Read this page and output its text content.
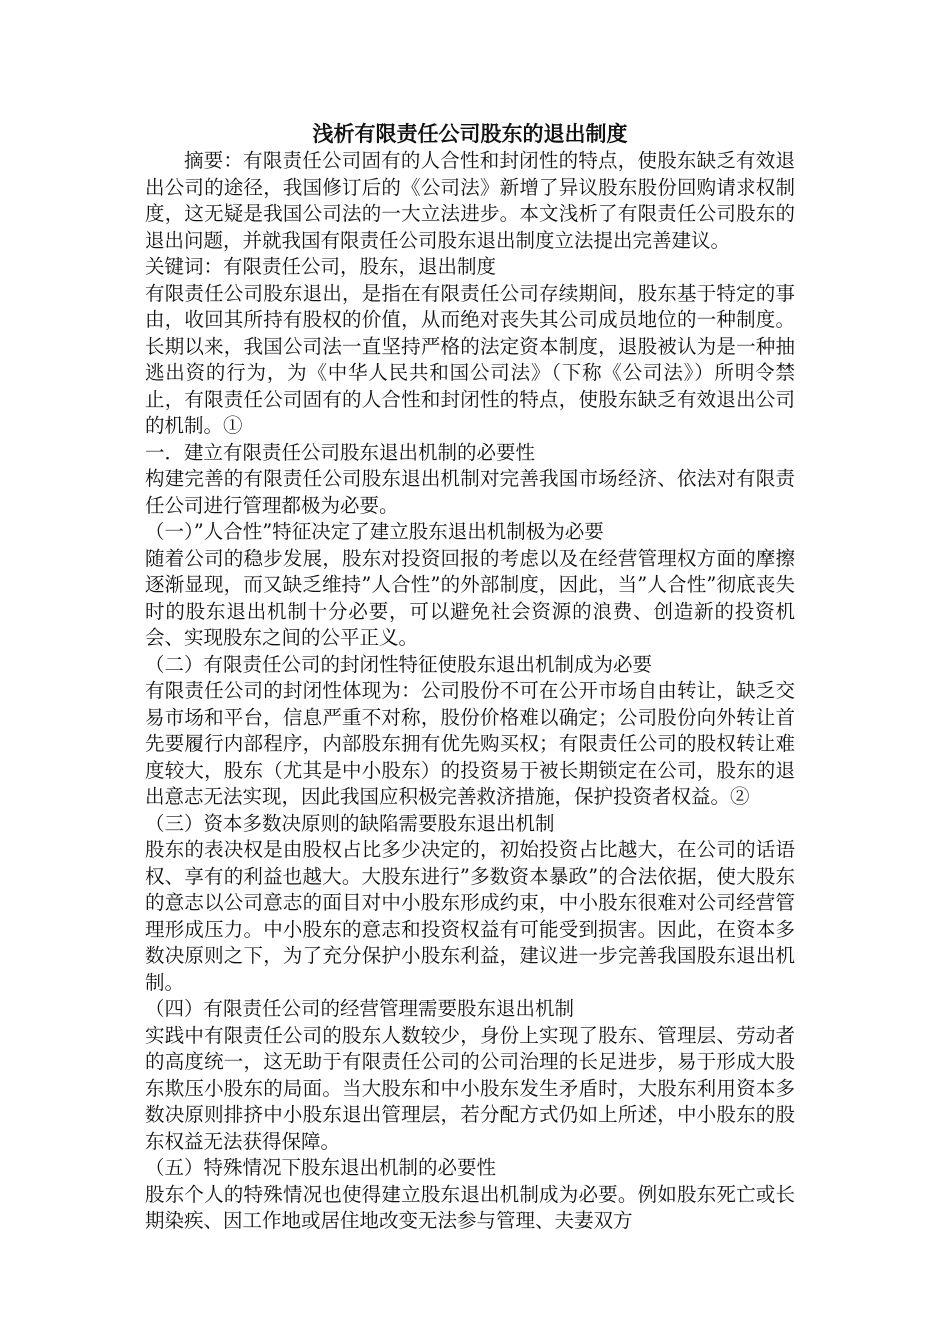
浅析有限责任公司股东的退出制度

摘要：有限责任公司固有的人合性和封闭性的特点，使股东缺乏有效退出公司的途径，我国修订后的《公司法》新增了异议股东股份回购请求权制度，这无疑是我国公司法的一大立法进步。本文浅析了有限责任公司股东的退出问题，并就我国有限责任公司股东退出制度立法提出完善建议。

关键词：有限责任公司，股东，退出制度

有限责任公司股东退出，是指在有限责任公司存续期间，股东基于特定的事由，收回其所持有股权的价值，从而绝对丧失其公司成员地位的一种制度。长期以来，我国公司法一直坚持严格的法定资本制度，退股被认为是一种抽逃出资的行为，为《中华人民共和国公司法》（下称《公司法》）所明令禁止，有限责任公司固有的人合性和封闭性的特点，使股东缺乏有效退出公司的机制。①

一．建立有限责任公司股东退出机制的必要性

构建完善的有限责任公司股东退出机制对完善我国市场经济、依法对有限责任公司进行管理都极为必要。

（一）”人合性”特征决定了建立股东退出机制极为必要

随着公司的稳步发展，股东对投资回报的考虑以及在经营管理权方面的摩擦逐渐显现，而又缺乏维持”人合性”的外部制度，因此，当”人合性”彻底丧失时的股东退出机制十分必要，可以避免社会资源的浪费、创造新的投资机会、实现股东之间的公平正义。

（二）有限责任公司的封闭性特征使股东退出机制成为必要

有限责任公司的封闭性体现为：公司股份不可在公开市场自由转让，缺乏交易市场和平台，信息严重不对称，股份价格难以确定；公司股份向外转让首先要履行内部程序，内部股东拥有优先购买权；有限责任公司的股权转让难度较大，股东（尤其是中小股东）的投资易于被长期锁定在公司，股东的退出意志无法实现，因此我国应积极完善救济措施，保护投资者权益。②

（三）资本多数决原则的缺陷需要股东退出机制

股东的表决权是由股权占比多少决定的，初始投资占比越大，在公司的话语权、享有的利益也越大。大股东进行”多数资本暴政”的合法依据，使大股东的意志以公司意志的面目对中小股东形成约束，中小股东很难对公司经营管理形成压力。中小股东的意志和投资权益有可能受到损害。因此，在资本多数决原则之下，为了充分保护小股东利益，建议进一步完善我国股东退出机制。

（四）有限责任公司的经营管理需要股东退出机制

实践中有限责任公司的股东人数较少，身份上实现了股东、管理层、劳动者的高度统一，这无助于有限责任公司的公司治理的长足进步，易于形成大股东欺压小股东的局面。当大股东和中小股东发生矛盾时，大股东利用资本多数决原则排挤中小股东退出管理层，若分配方式仍如上所述，中小股东的股东权益无法获得保障。

（五）特殊情况下股东退出机制的必要性

股东个人的特殊情况也使得建立股东退出机制成为必要。例如股东死亡或长期染疾、因工作地或居住地改变无法参与管理、夫妻双方
